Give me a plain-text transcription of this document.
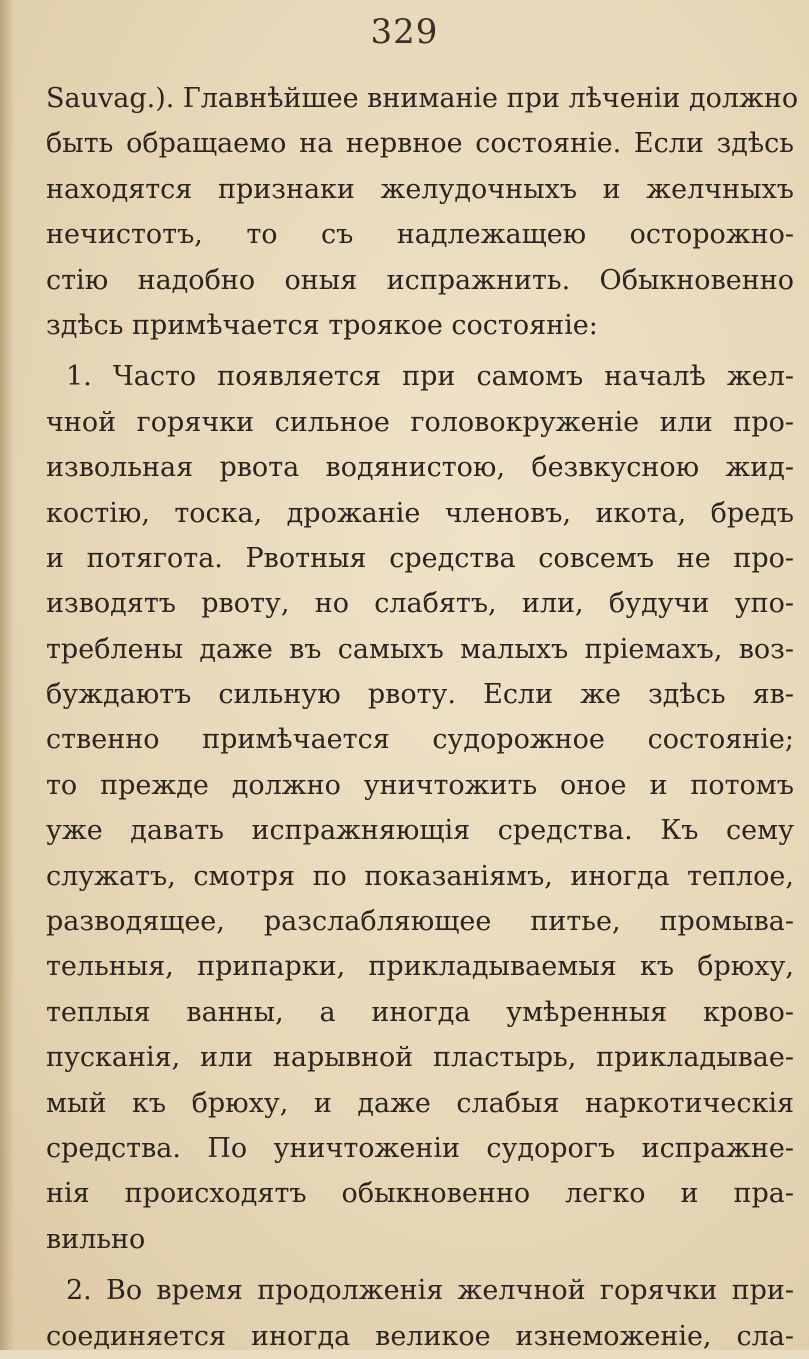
329
Sauvag.). Главнѣйшее вниманіе при лѣченіи должно
быть обращаемо на нервное состояніе. Если здѣсь
находятся признаки желудочныхъ и желчныхъ
нечистотъ, то съ надлежащею осторожно-
стію надобно оныя испражнить. Обыкновенно
здѣсь примѣчается троякое состояніе:
1. Часто появляется при самомъ началѣ жел-
чной горячки сильное головокруженіе или про-
извольная рвота водянистою, безвкусною жид-
костію, тоска, дрожаніе членовъ, икота, бредъ
и потягота. Рвотныя средства совсемъ не про-
изводятъ рвоту, но слабятъ, или, будучи упо-
треблены даже въ самыхъ малыхъ пріемахъ, воз-
буждаютъ сильную рвоту. Если же здѣсь яв-
ственно примѣчается судорожное состояніе;
то прежде должно уничтожить оное и потомъ
уже давать испражняющія средства. Къ сему
служатъ, смотря по показаніямъ, иногда теплое,
разводящее, разслабляющее питье, промыва-
тельныя, припарки, прикладываемыя къ брюху,
теплыя ванны, а иногда умѣренныя крово-
пусканія, или нарывной пластырь, прикладывае-
мый къ брюху, и даже слабыя наркотическія
средства. По уничтоженіи судорогъ испражне-
нія происходятъ обыкновенно легко и пра-
вильно
2. Во время продолженія желчной горячки при-
соединяется иногда великое изнеможеніе, сла-
